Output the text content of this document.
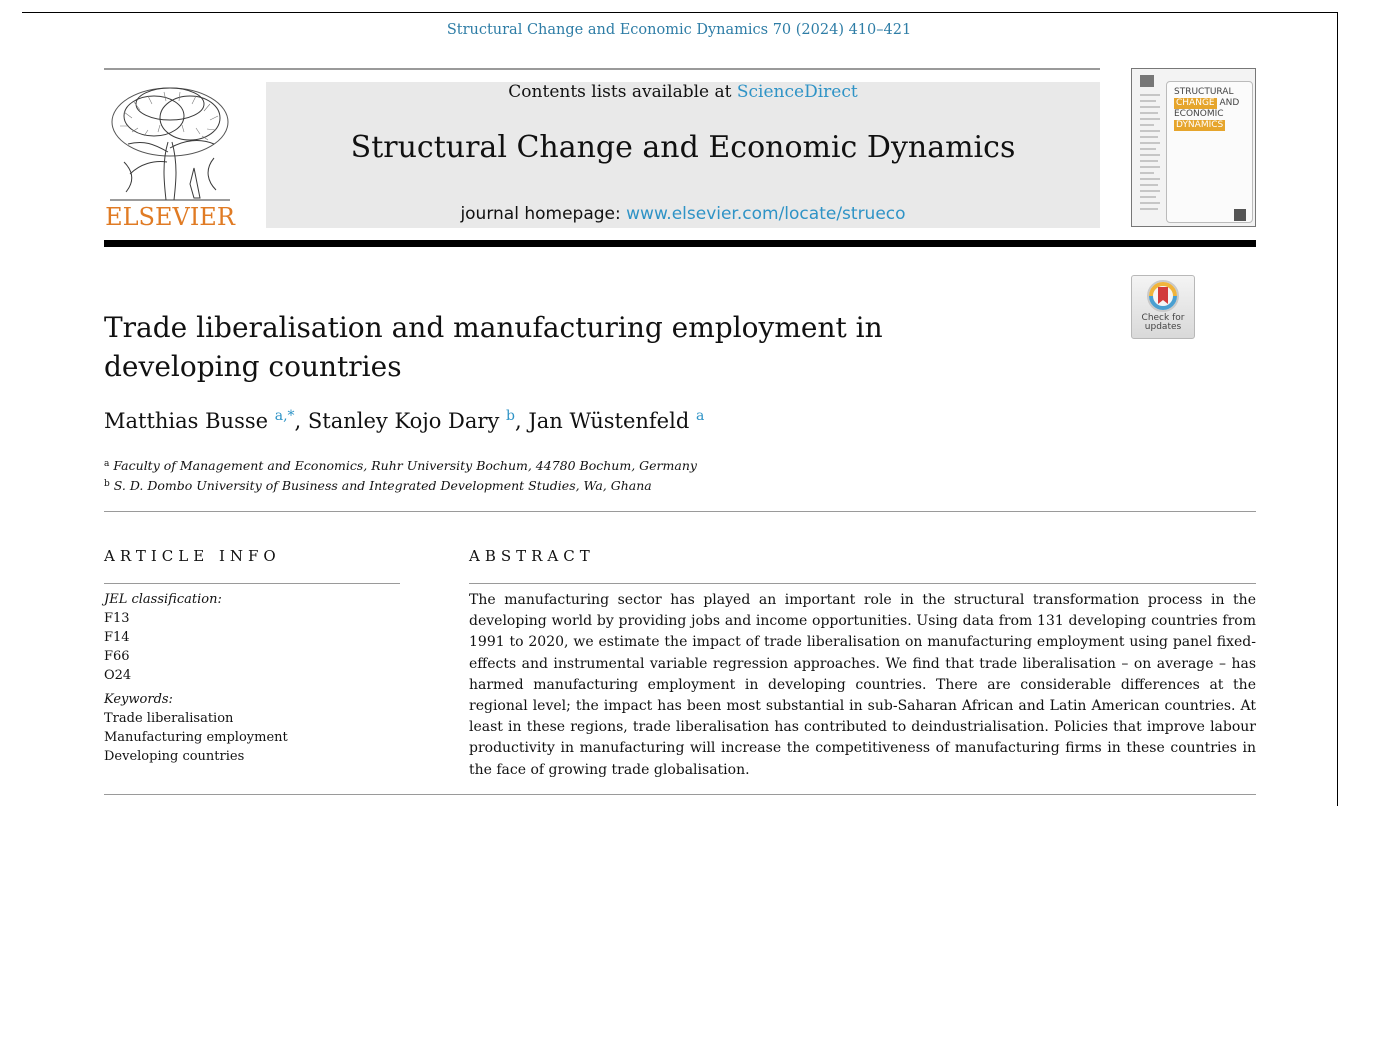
Structural Change and Economic Dynamics 70 (2024) 410–421
ELSEVIER
Contents lists available at ScienceDirect
Structural Change and Economic Dynamics
journal homepage: www.elsevier.com/locate/strueco
STRUCTURAL
CHANGE AND
ECONOMIC
DYNAMICS
Check for updates
Trade liberalisation and manufacturing employment in developing countries
Matthias Busse $^{a,*}$, Stanley Kojo Dary $^b$, Jan Wüstenfeld $^a$
$^a$ Faculty of Management and Economics, Ruhr University Bochum, 44780 Bochum, Germany
$^b$ S. D. Dombo University of Business and Integrated Development Studies, Wa, Ghana
ARTICLE INFO
JEL classification:
F13
F14
F66
O24
Keywords:
Trade liberalisation
Manufacturing employment
Developing countries
ABSTRACT

The manufacturing sector has played an important role in the structural transformation process in the developing world by providing jobs and income opportunities. Using data from 131 developing countries from 1991 to 2020, we estimate the impact of trade liberalisation on manufacturing employment using panel fixed-effects and instrumental variable regression approaches. We find that trade liberalisation – on average – has harmed manufacturing employment in developing countries. There are considerable differences at the regional level; the impact has been most substantial in sub-Saharan African and Latin American countries. At least in these regions, trade liberalisation has contributed to deindustrialisation. Policies that improve labour productivity in manufacturing will increase the competitiveness of manufacturing firms in these countries in the face of growing trade globalisation.
